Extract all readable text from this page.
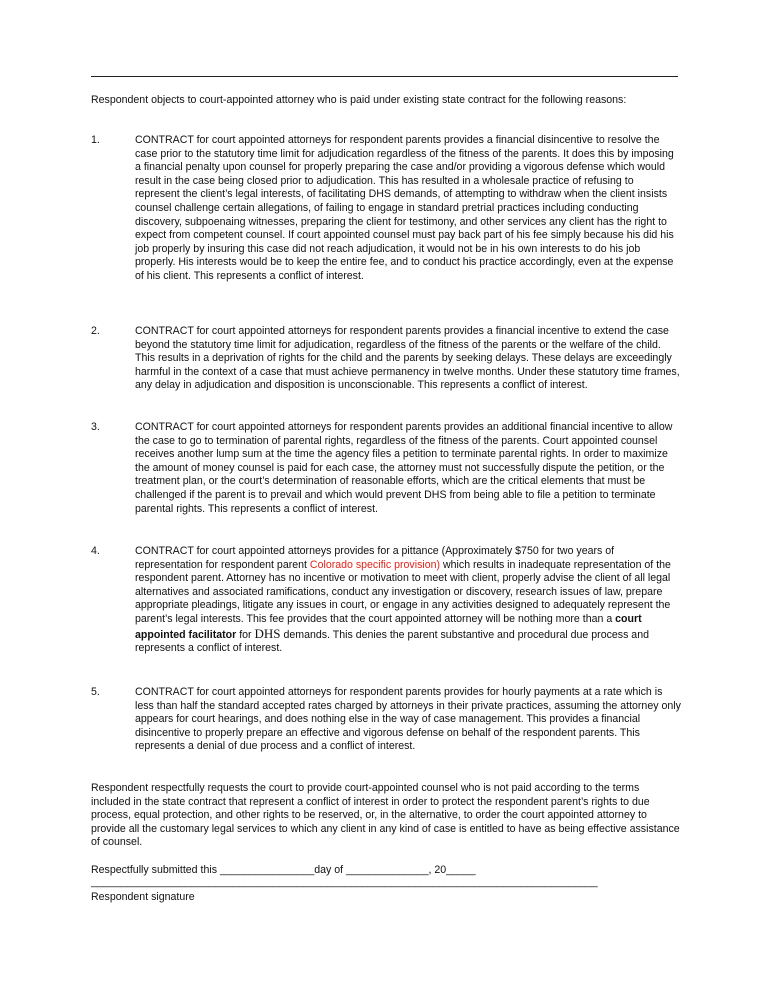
Respondent objects to court-appointed attorney who is paid under existing state contract for the following reasons:
1.	CONTRACT for court appointed attorneys for respondent parents provides a financial disincentive to resolve the case prior to the statutory time limit for adjudication regardless of the fitness of the parents. It does this by imposing a financial penalty upon counsel for properly preparing the case and/or providing a vigorous defense which would result in the case being closed prior to adjudication. This has resulted in a wholesale practice of refusing to represent the client’s legal interests, of facilitating DHS demands, of attempting to withdraw when the client insists counsel challenge certain allegations, of failing to engage in standard pretrial practices including conducting discovery, subpoenaing witnesses, preparing the client for testimony, and other services any client has the right to expect from competent counsel. If court appointed counsel must pay back part of his fee simply because his did his job properly by insuring this case did not reach adjudication, it would not be in his own interests to do his job properly. His interests would be to keep the entire fee, and to conduct his practice accordingly, even at the expense of his client. This represents a conflict of interest.
2.	CONTRACT for court appointed attorneys for respondent parents provides a financial incentive to extend the case beyond the statutory time limit for adjudication, regardless of the fitness of the parents or the welfare of the child. This results in a deprivation of rights for the child and the parents by seeking delays. These delays are exceedingly harmful in the context of a case that must achieve permanency in twelve months. Under these statutory time frames, any delay in adjudication and disposition is unconscionable. This represents a conflict of interest.
3.	CONTRACT for court appointed attorneys for respondent parents provides an additional financial incentive to allow the case to go to termination of parental rights, regardless of the fitness of the parents. Court appointed counsel receives another lump sum at the time the agency files a petition to terminate parental rights. In order to maximize the amount of money counsel is paid for each case, the attorney must not successfully dispute the petition, or the treatment plan, or the court’s determination of reasonable efforts, which are the critical elements that must be challenged if the parent is to prevail and which would prevent DHS from being able to file a petition to terminate parental rights. This represents a conflict of interest.
4.	CONTRACT for court appointed attorneys provides for a pittance (Approximately $750 for two years of representation for respondent parent Colorado specific provision) which results in inadequate representation of the respondent parent. Attorney has no incentive or motivation to meet with client, properly advise the client of all legal alternatives and associated ramifications, conduct any investigation or discovery, research issues of law, prepare appropriate pleadings, litigate any issues in court, or engage in any activities designed to adequately represent the parent’s legal interests. This fee provides that the court appointed attorney will be nothing more than a court appointed facilitator for DHS demands. This denies the parent substantive and procedural due process and represents a conflict of interest.
5.	CONTRACT for court appointed attorneys for respondent parents provides for hourly payments at a rate which is less than half the standard accepted rates charged by attorneys in their private practices, assuming the attorney only appears for court hearings, and does nothing else in the way of case management. This provides a financial disincentive to properly prepare an effective and vigorous defense on behalf of the respondent parents. This represents a denial of due process and a conflict of interest.
Respondent respectfully requests the court to provide court-appointed counsel who is not paid according to the terms included in the state contract that represent a conflict of interest in order to protect the respondent parent’s rights to due process, equal protection, and other rights to be reserved, or, in the alternative, to order the court appointed attorney to provide all the customary legal services to which any client in any kind of case is entitled to have as being effective assistance of counsel.
Respectfully submitted this ________________day of ______________, 20_____
______________________________________________________________________________________
Respondent signature
